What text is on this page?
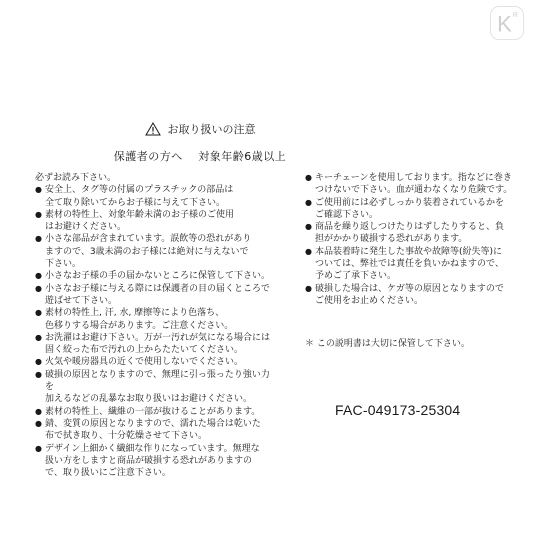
$K^R$
お取り扱いの注意
保護者の方へ　 対象年齢6歳以上

必ずお読み下さい。

● 安全上、タグ等の付属のプラスチックの部品は
全て取り除いてからお子様に与えて下さい。
● 素材の特性上、対象年齢未満のお子様のご使用
はお避けください。
● 小さな部品が含まれています。誤飲等の恐れがあり
ますので、3歳未満のお子様には絶対に与えないで
下さい。
● 小さなお子様の手の届かないところに保管して下さい。
● 小さなお子様に与える際には保護者の目の届くところで
遊ばせて下さい。
● 素材の特性上, 汗, 水, 摩擦等により色落ち、
色移りする場合があります。ご注意ください。
● お洗濯はお避け下さい。万が一汚れが気になる場合には
固く絞った布で汚れの上からたたいてください。
● 火気や暖房器具の近くで使用しないでください。
● 破損の原因となりますので、無理に引っ張ったり強い力を
加えるなどの乱暴なお取り扱いはお避けください。
● 素材の特性上、繊維の一部が抜けることがあります。
● 錆、変質の原因となりますので、濡れた場合は乾いた
布で拭き取り、十分乾燥させて下さい。
● デザイン上細かく繊細な作りになっています。無理な
扱い方をしますと商品が破損する恐れがありますの
で、取り扱いにご注意下さい。
● キーチェーンを使用しております。指などに巻き
つけないで下さい。血が通わなくなり危険です。
● ご使用前には必ずしっかり装着されているかを
ご確認下さい。
● 商品を繰り返しつけたりはずしたりすると、負
担がかかり破損する恐れがあります。
● 本品装着時に発生した事故や故障等(紛失等)に
ついては、弊社では責任を負いかねますので、
予めご了承下さい。
● 破損した場合は、ケガ等の原因となりますので
ご使用をお止めください。
＊ この説明書は大切に保管して下さい。
FAC-049173-25304
